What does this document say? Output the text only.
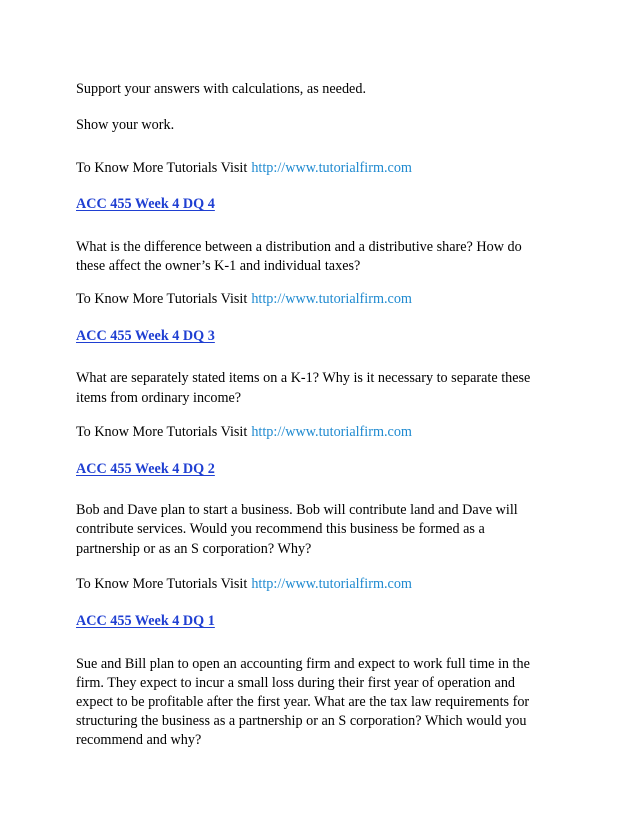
Support your answers with calculations, as needed.
Show your work.
To Know More Tutorials Visit http://www.tutorialfirm.com
ACC 455 Week 4 DQ 4
What is the difference between a distribution and a distributive share? How do
these affect the owner’s K-1 and individual taxes?
To Know More Tutorials Visit http://www.tutorialfirm.com
ACC 455 Week 4 DQ 3
What are separately stated items on a K-1? Why is it necessary to separate these
items from ordinary income?
To Know More Tutorials Visit http://www.tutorialfirm.com
ACC 455 Week 4 DQ 2
Bob and Dave plan to start a business. Bob will contribute land and Dave will
contribute services. Would you recommend this business be formed as a
partnership or as an S corporation? Why?
To Know More Tutorials Visit http://www.tutorialfirm.com
ACC 455 Week 4 DQ 1
Sue and Bill plan to open an accounting firm and expect to work full time in the
firm. They expect to incur a small loss during their first year of operation and
expect to be profitable after the first year. What are the tax law requirements for
structuring the business as a partnership or an S corporation? Which would you
recommend and why?
